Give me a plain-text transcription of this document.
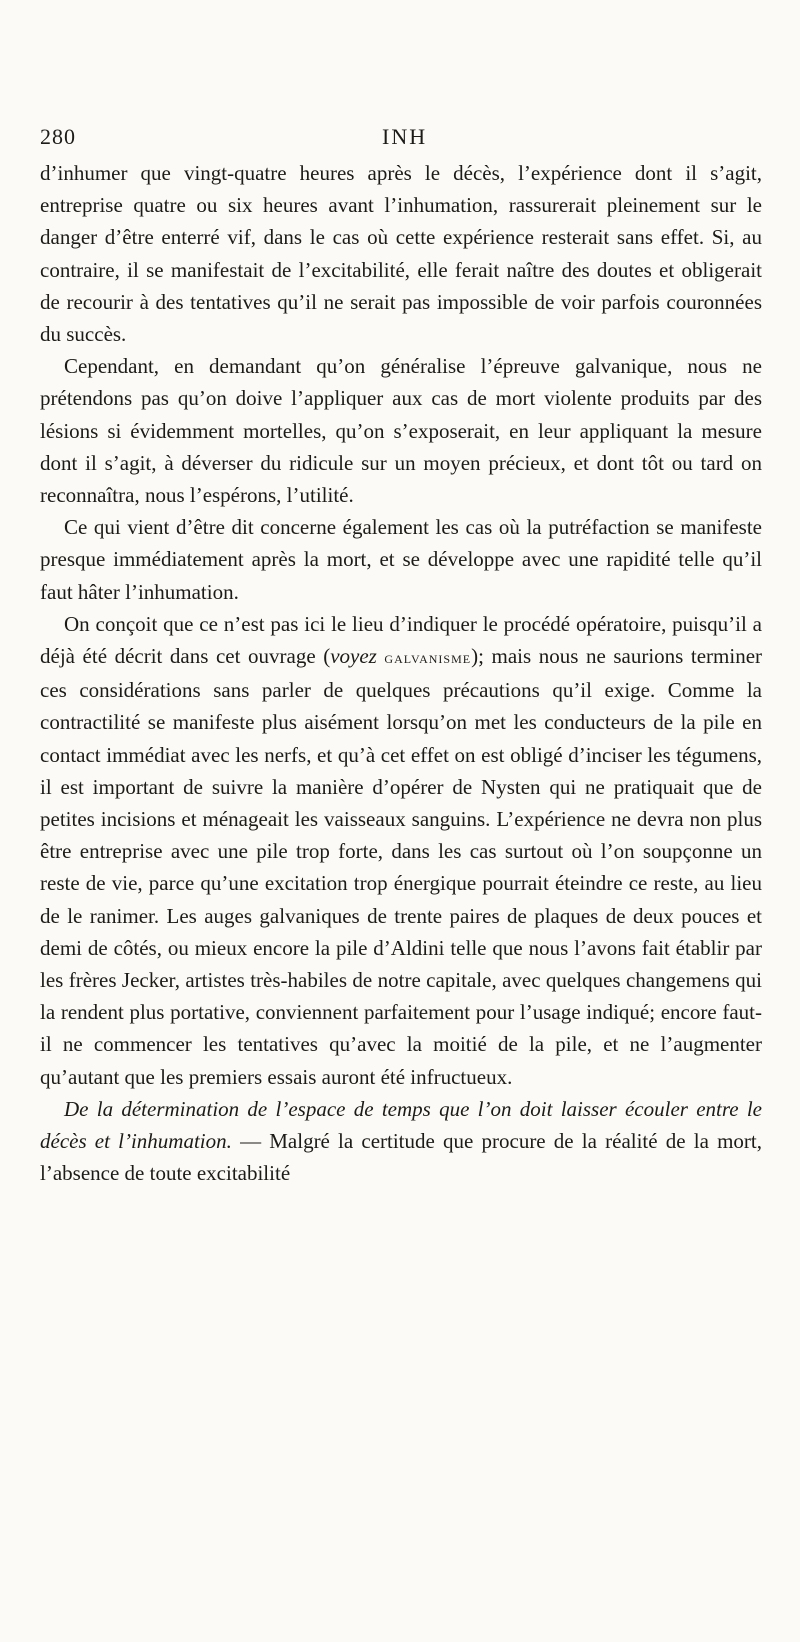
280	INH

d’inhumer que vingt-quatre heures après le décès, l’expérience dont il s’agit, entreprise quatre ou six heures avant l’inhumation, rassurerait pleinement sur le danger d’être enterré vif, dans le cas où cette expérience resterait sans effet. Si, au contraire, il se manifestait de l’excitabilité, elle ferait naître des doutes et obligerait de recourir à des tentatives qu’il ne serait pas impossible de voir parfois couronnées du succès.

Cependant, en demandant qu’on généralise l’épreuve galvanique, nous ne prétendons pas qu’on doive l’appliquer aux cas de mort violente produits par des lésions si évidemment mortelles, qu’on s’exposerait, en leur appliquant la mesure dont il s’agit, à déverser du ridicule sur un moyen précieux, et dont tôt ou tard on reconnaîtra, nous l’espérons, l’utilité.

Ce qui vient d’être dit concerne également les cas où la putréfaction se manifeste presque immédiatement après la mort, et se développe avec une rapidité telle qu’il faut hâter l’inhumation.

On conçoit que ce n’est pas ici le lieu d’indiquer le procédé opératoire, puisqu’il a déjà été décrit dans cet ouvrage (voyez galvanisme); mais nous ne saurions terminer ces considérations sans parler de quelques précautions qu’il exige. Comme la contractilité se manifeste plus aisément lorsqu’on met les conducteurs de la pile en contact immédiat avec les nerfs, et qu’à cet effet on est obligé d’inciser les tégumens, il est important de suivre la manière d’opérer de Nysten qui ne pratiquait que de petites incisions et ménageait les vaisseaux sanguins. L’expérience ne devra non plus être entreprise avec une pile trop forte, dans les cas surtout où l’on soupçonne un reste de vie, parce qu’une excitation trop énergique pourrait éteindre ce reste, au lieu de le ranimer. Les auges galvaniques de trente paires de plaques de deux pouces et demi de côtés, ou mieux encore la pile d’Aldini telle que nous l’avons fait établir par les frères Jecker, artistes très-habiles de notre capitale, avec quelques changemens qui la rendent plus portative, conviennent parfaitement pour l’usage indiqué; encore faut-il ne commencer les tentatives qu’avec la moitié de la pile, et ne l’augmenter qu’autant que les premiers essais auront été infructueux.

De la détermination de l’espace de temps que l’on doit laisser écouler entre le décès et l’inhumation. — Malgré la certitude que procure de la réalité de la mort, l’absence de toute excitabilité
